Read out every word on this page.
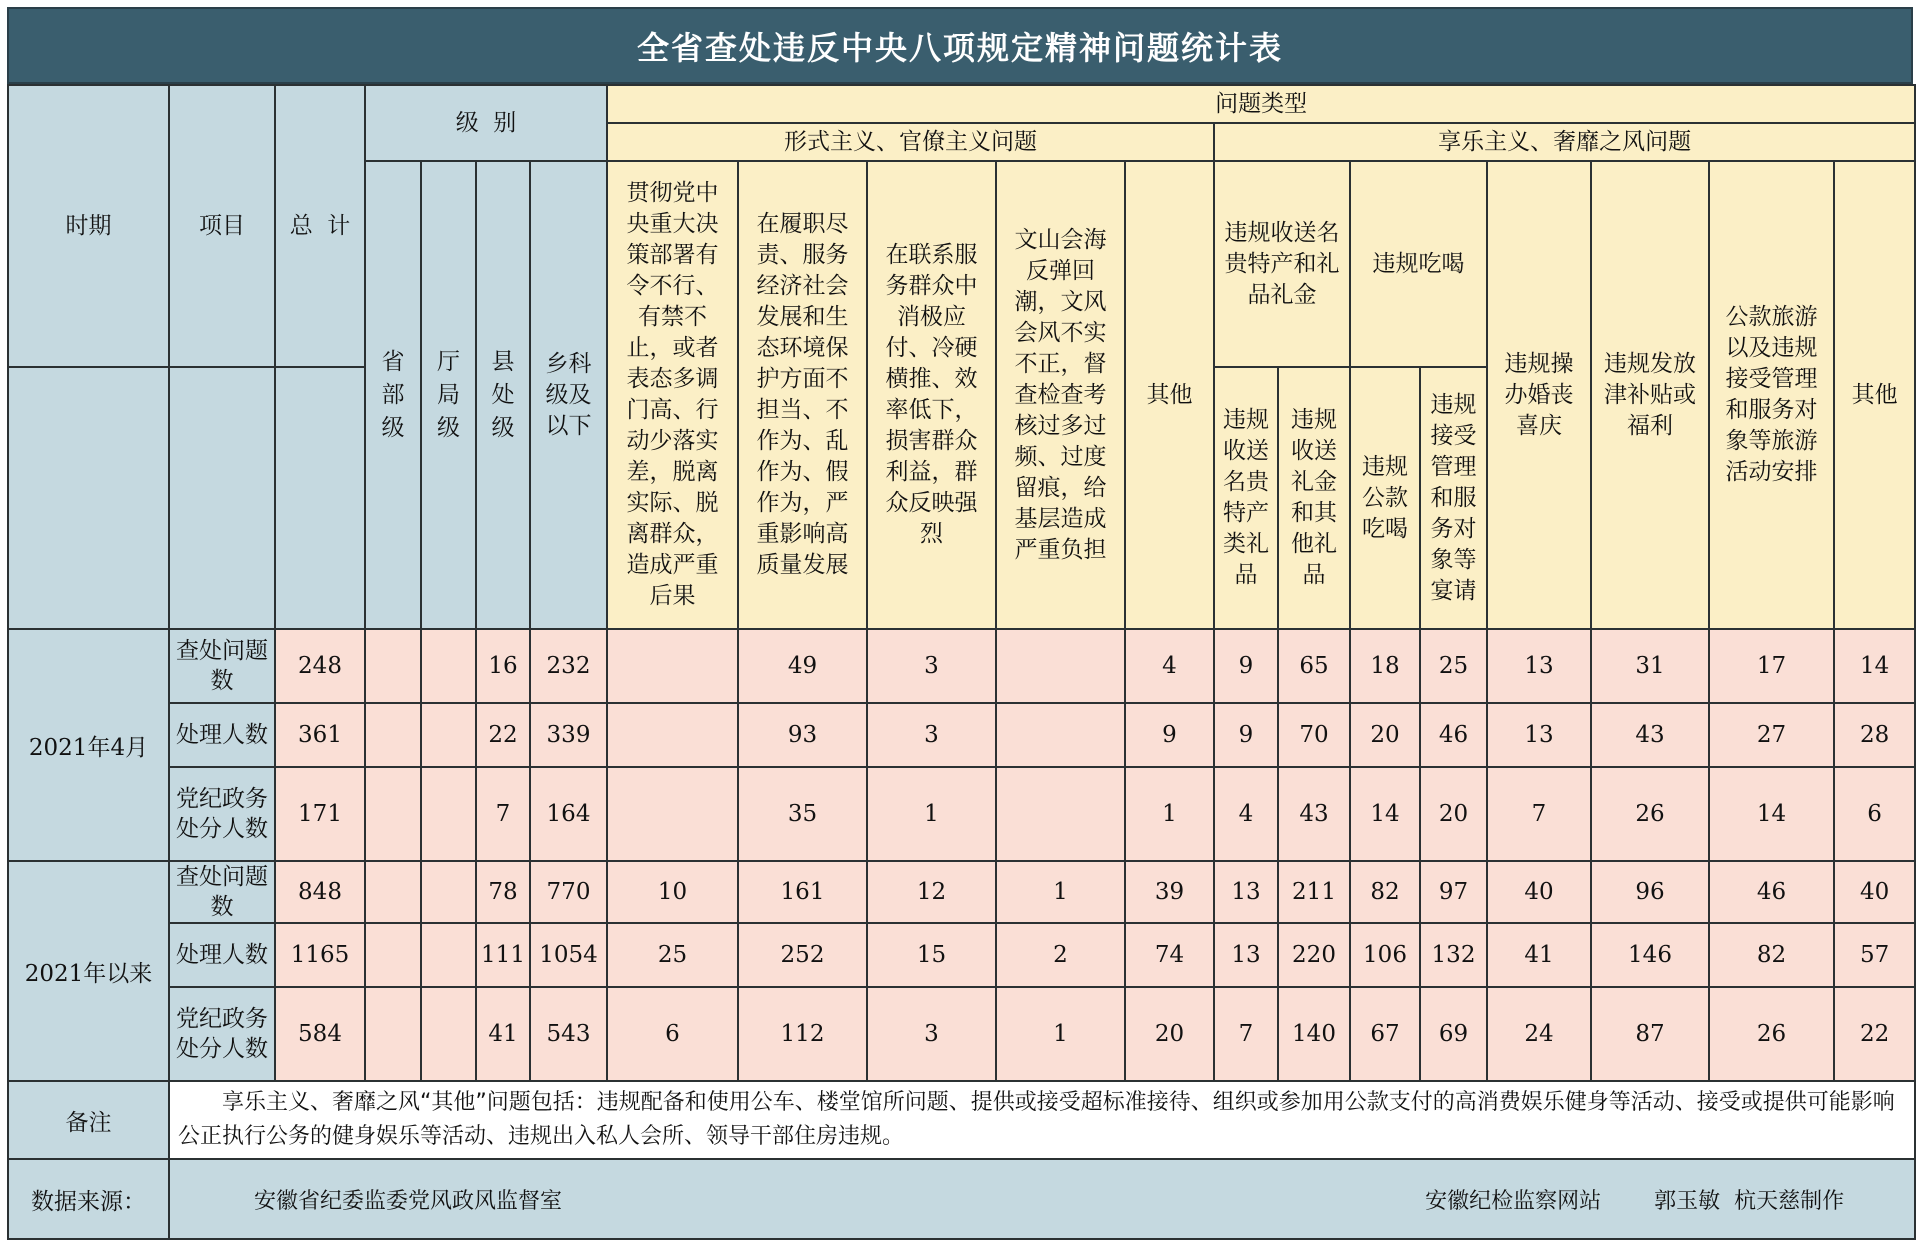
全省查处违反中央八项规定精神问题统计表
时期	项目	总  计	级  别				问题类型												
							形式主义、官僚主义问题					享乐主义、奢靡之风问题							
			省部级	厅局级	县处级	乡科级及以下	贯彻党中央重大决策部署有令不行、有禁不止，或者表态多调门高、行动少落实差，脱离实际、脱离群众，造成严重后果	在履职尽责、服务经济社会发展和生态环境保护方面不担当、不作为、乱作为、假作为，严重影响高质量发展	在联系服务群众中消极应付、冷硬横推、效率低下，损害群众利益，群众反映强烈	文山会海反弹回潮，文风会风不实不正，督查检查考核过多过频、过度留痕，给基层造成严重负担	其他	违规收送名贵特产和礼品礼金		违规吃喝		违规操办婚丧喜庆	违规发放津补贴或福利	公款旅游以及违规接受管理和服务对象等旅游活动安排	其他
												违规收送名贵特产类礼品	违规收送礼金和其他礼品	违规公款吃喝	违规接受管理和服务对象等宴请				
2021年4月	查处问题数	248			16	232		49	3		4	9	65	18	25	13	31	17	14
	处理人数	361			22	339		93	3		9	9	70	20	46	13	43	27	28
	党纪政务处分人数	171			7	164		35	1		1	4	43	14	20	7	26	14	6
2021年以来	查处问题数	848			78	770	10	161	12	1	39	13	211	82	97	40	96	46	40
	处理人数	1165			111	1054	25	252	15	2	74	13	220	106	132	41	146	82	57
	党纪政务处分人数	584			41	543	6	112	3	1	20	7	140	67	69	24	87	26	22
备注	享乐主义、奢靡之风“其他”问题包括：违规配备和使用公车、楼堂馆所问题、提供或接受超标准接待、组织或参加用公款支付的高消费娱乐健身等活动、接受或提供可能影响公正执行公务的健身娱乐等活动、违规出入私人会所、领导干部住房违规。																		
数据来源：	安徽省纪委监委党风政风监督室 安徽纪检监察网站 郭玉敏  杭天慈制作																		
